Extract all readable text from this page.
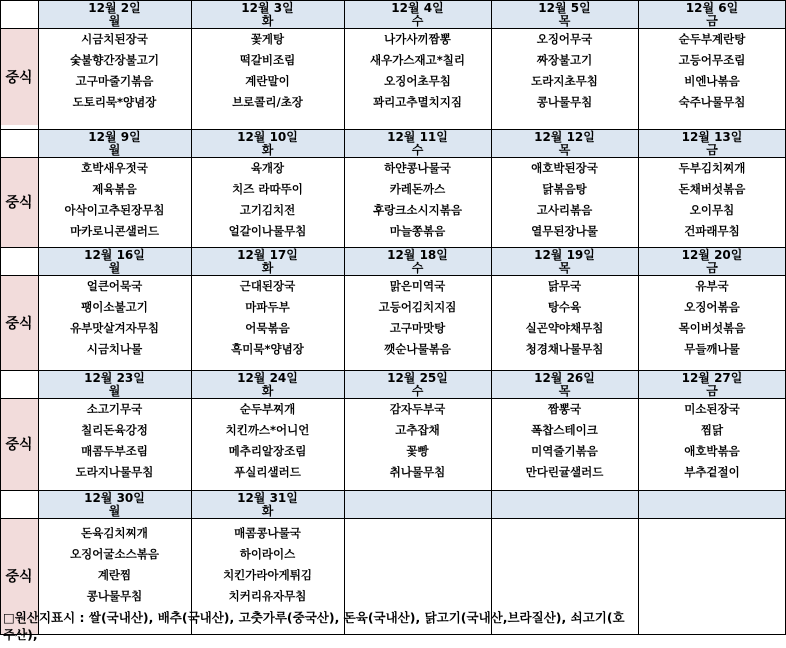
중식
12월 2일
월
시금치된장국
숯불향간장불고기
고구마줄기볶음
도토리묵*양념장
12월 3일
화
꽃게탕
떡갈비조림
계란말이
브로콜리/초장
12월 4일
수
나가사끼짬뽕
새우가스재고*칠리
오징어초무침
꽈리고추멸치지짐
12월 5일
목
오징어무국
짜장불고기
도라지초무침
콩나물무침
12월 6일
금
순두부계란탕
고등어무조림
비엔나볶음
숙주나물무침
중식
12월 9일
월
호박새우젓국
제육볶음
아삭이고추된장무침
마카로니콘샐러드
12월 10일
화
육개장
치즈 라따뚜이
고기김치전
얼갈이나물무침
12월 11일
수
하얀콩나물국
카레돈까스
후랑크소시지볶음
마늘쫑볶음
12월 12일
목
애호박된장국
닭볶음탕
고사리볶음
열무된장나물
12월 13일
금
두부김치찌개
돈채버섯볶음
오이무침
건파래무침
중식
12월 16일
월
얼큰어묵국
팽이소불고기
유부맛살겨자무침
시금치나물
12월 17일
화
근대된장국
마파두부
어묵볶음
흑미묵*양념장
12월 18일
수
맑은미역국
고등어김치지짐
고구마맛탕
깻순나물볶음
12월 19일
목
닭무국
탕수육
실곤약야채무침
청경채나물무침
12월 20일
금
유부국
오징어볶음
목이버섯볶음
무들깨나물
중식
12월 23일
월
소고기무국
칠리돈육강정
매콤두부조림
도라지나물무침
12월 24일
화
순두부찌개
치킨까스*어니언
메추리알장조림
푸실리샐러드
12월 25일
수
감자두부국
고추잡채
꽃빵
취나물무침
12월 26일
목
짬뽕국
폭찹스테이크
미역줄기볶음
만다린귤샐러드
12월 27일
금
미소된장국
찜닭
애호박볶음
부추겉절이
중식
12월 30일
월
돈육김치찌개
오징어굴소스볶음
계란찜
콩나물무침
12월 31일
화
매콤콩나물국
하이라이스
치킨가라아게튀김
치커리유자무침
□원산지표시 : 쌀(국내산), 배추(국내산), 고춧가루(중국산), 돈육(국내산), 닭고기(국내산,브라질산), 쇠고기(호
주산),
